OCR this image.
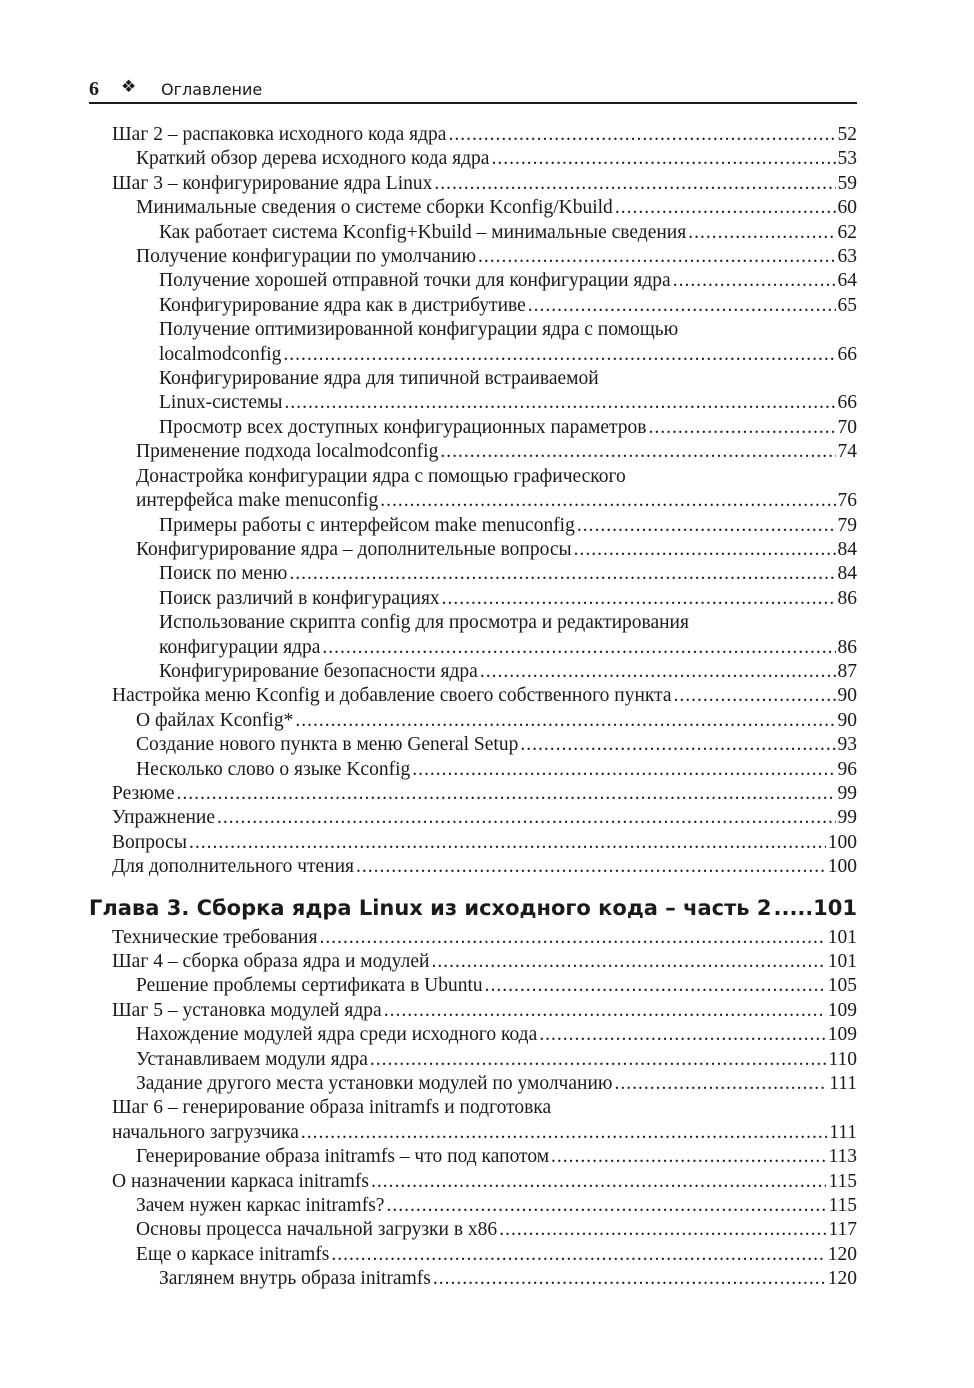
6 ❖ Оглавление
Шаг 2 – распаковка исходного кода ядра .....	52
Краткий обзор дерева исходного кода ядра .....	53
Шаг 3 – конфигурирование ядра Linux .....	59
Минимальные сведения о системе сборки Kconfig/Kbuild .....	60
Как работает система Kconfig+Kbuild – минимальные сведения .....	62
Получение конфигурации по умолчанию .....	63
Получение хорошей отправной точки для конфигурации ядра .....	64
Конфигурирование ядра как в дистрибутиве .....	65
Получение оптимизированной конфигурации ядра с помощью
localmodconfig .....	66
Конфигурирование ядра для типичной встраиваемой
Linux-системы .....	66
Просмотр всех доступных конфигурационных параметров .....	70
Применение подхода localmodconfig .....	74
Донастройка конфигурации ядра с помощью графического
интерфейса make menuconfig .....	76
Примеры работы с интерфейсом make menuconfig .....	79
Конфигурирование ядра – дополнительные вопросы .....	84
Поиск по меню .....	84
Поиск различий в конфигурациях .....	86
Использование скрипта config для просмотра и редактирования
конфигурации ядра .....	86
Конфигурирование безопасности ядра .....	87
Настройка меню Kconfig и добавление своего собственного пункта .....	90
О файлах Kconfig* .....	90
Создание нового пункта в меню General Setup .....	93
Несколько слово о языке Kconfig .....	96
Резюме .....	99
Упражнение .....	99
Вопросы .....	100
Для дополнительного чтения .....	100
Глава 3. Сборка ядра Linux из исходного кода – часть 2 ..... 101
Технические требования .....	101
Шаг 4 – сборка образа ядра и модулей .....	101
Решение проблемы сертификата в Ubuntu .....	105
Шаг 5 – установка модулей ядра .....	109
Нахождение модулей ядра среди исходного кода .....	109
Устанавливаем модули ядра .....	110
Задание другого места установки модулей по умолчанию .....	111
Шаг 6 – генерирование образа initramfs и подготовка
начального загрузчика .....	111
Генерирование образа initramfs – что под капотом .....	113
О назначении каркаса initramfs .....	115
Зачем нужен каркас initramfs? .....	115
Основы процесса начальной загрузки в x86 .....	117
Еще о каркасе initramfs .....	120
Заглянем внутрь образа initramfs .....	120
